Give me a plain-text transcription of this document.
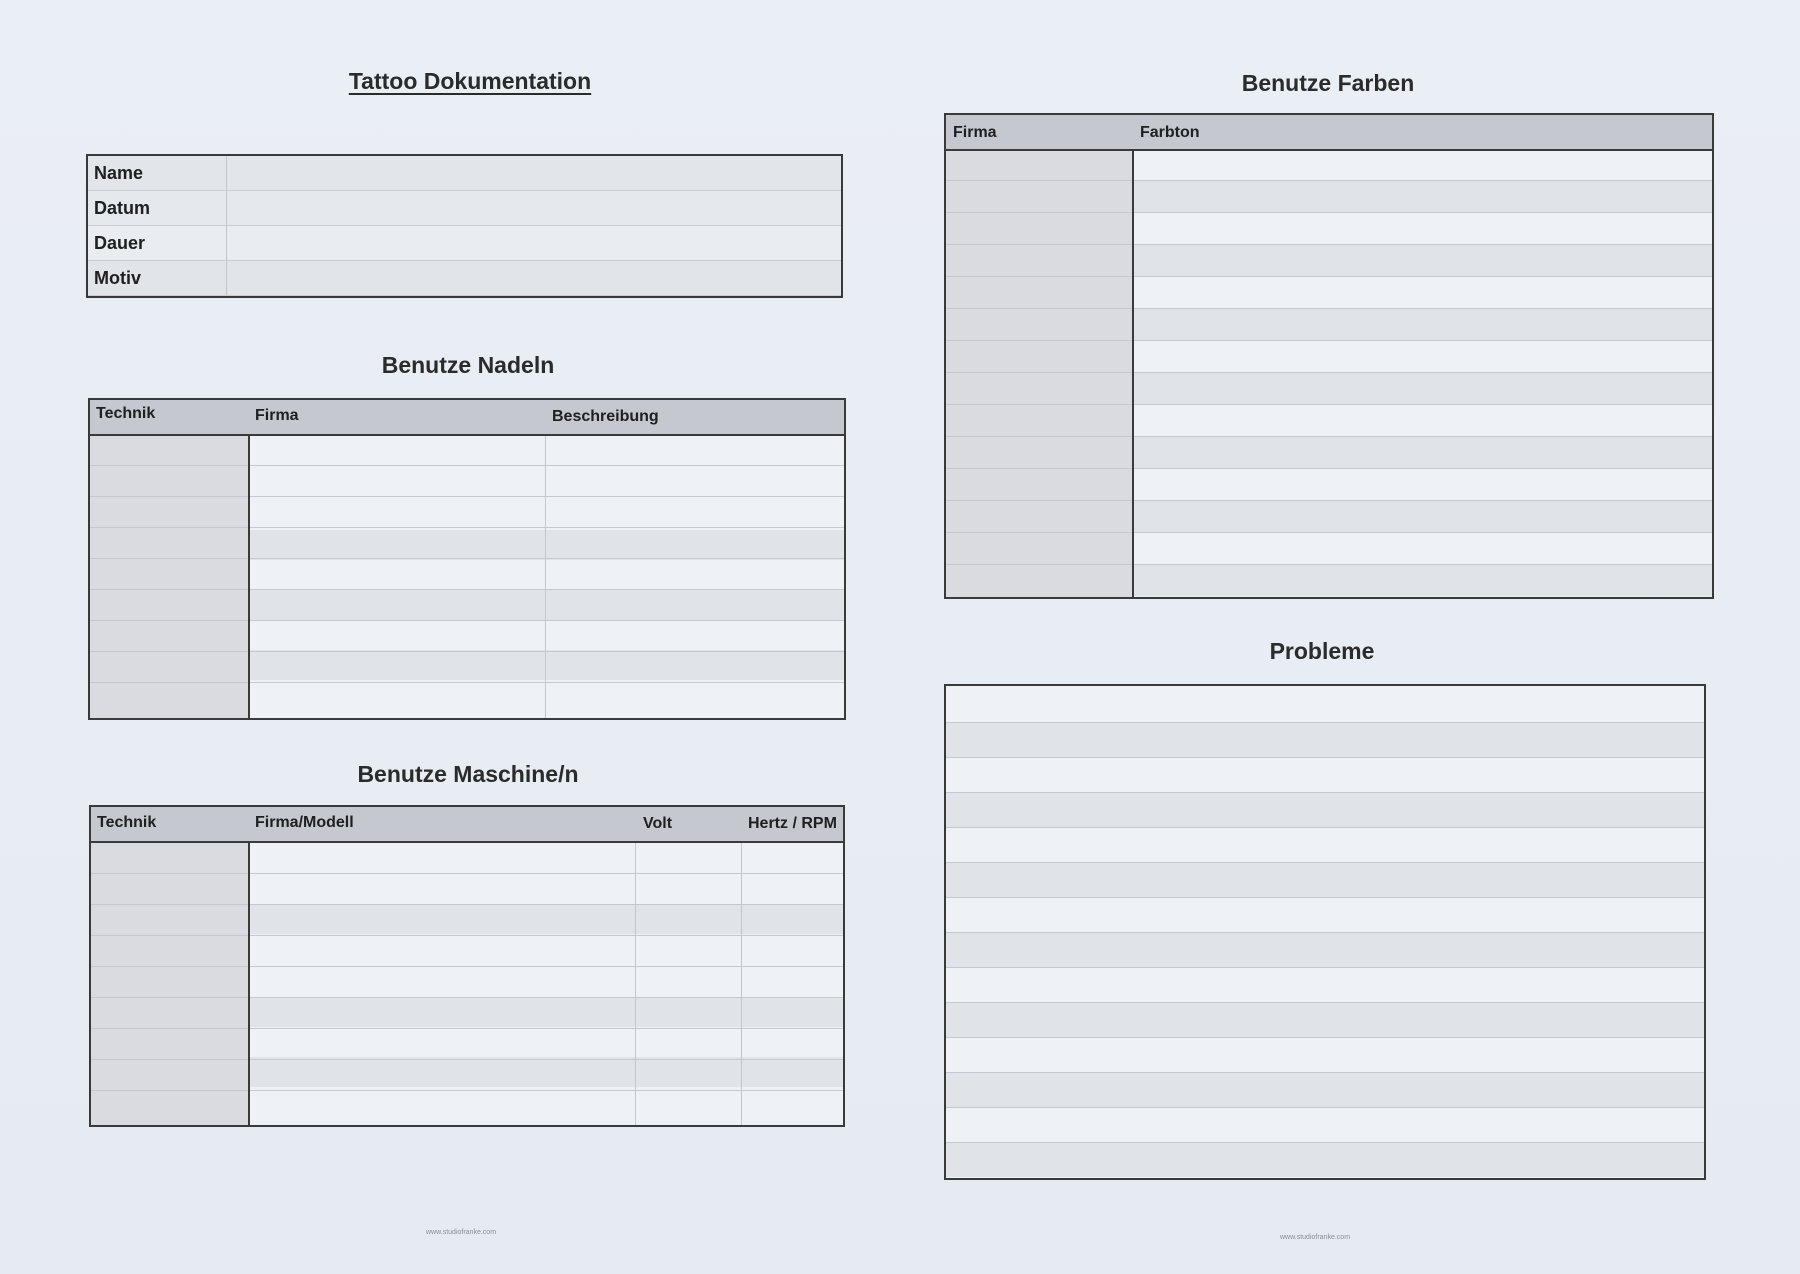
Tattoo Dokumentation
Name
Datum
Dauer
Motiv
Benutze Nadeln
Technik	Firma	Beschreibung
Benutze Maschine/n
Technik	Firma/Modell	Volt	Hertz / RPM
www.studiofranke.com
Benutze Farben
Firma	Farbton
Probleme
www.studiofranke.com
